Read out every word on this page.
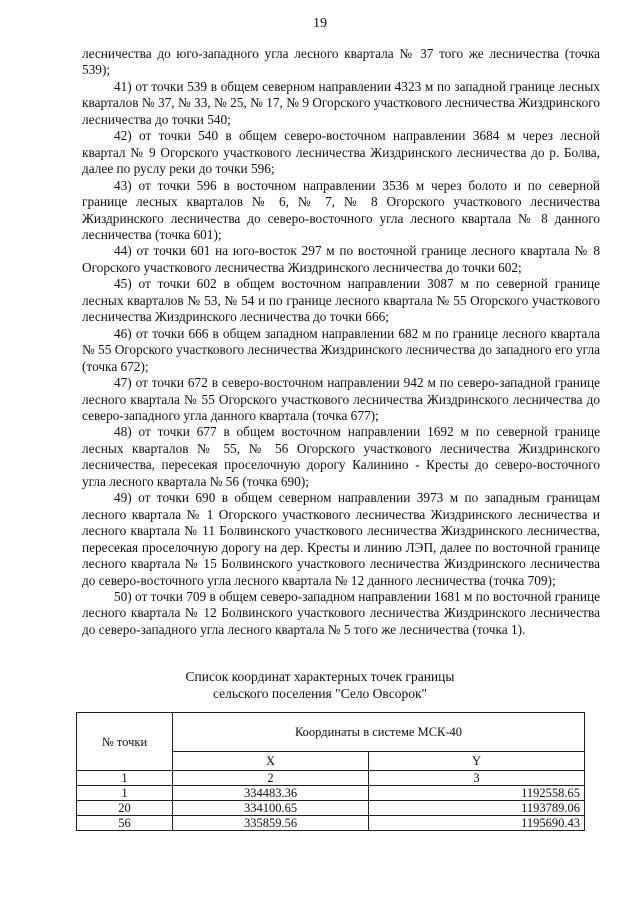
19

лесничества до юго-западного угла лесного квартала № 37 того же лесничества (точка 539);

41) от точки 539 в общем северном направлении 4323 м по западной границе лесных кварталов № 37, № 33, № 25, № 17, № 9 Огорского участкового лесничества Жиздринского лесничества до точки 540;

42) от точки 540 в общем северо-восточном направлении 3684 м через лесной квартал № 9 Огорского участкового лесничества Жиздринского лесничества до р. Болва, далее по руслу реки до точки 596;

43) от точки 596 в восточном направлении 3536 м через болото и по северной границе лесных кварталов № 6, № 7, № 8 Огорского участкового лесничества Жиздринского лесничества до северо-восточного угла лесного квартала № 8 данного лесничества (точка 601);

44) от точки 601 на юго-восток 297 м по восточной границе лесного квартала № 8 Огорского участкового лесничества Жиздринского лесничества до точки 602;

45) от точки 602 в общем восточном направлении 3087 м по северной границе лесных кварталов № 53, № 54 и по границе лесного квартала № 55 Огорского участкового лесничества Жиздринского лесничества до точки 666;

46) от точки 666 в общем западном направлении 682 м по границе лесного квартала № 55 Огорского участкового лесничества Жиздринского лесничества до западного его угла (точка 672);

47) от точки 672 в северо-восточном направлении 942 м по северо-западной границе лесного квартала № 55 Огорского участкового лесничества Жиздринского лесничества до северо-западного угла данного квартала (точка 677);

48) от точки 677 в общем восточном направлении 1692 м по северной границе лесных кварталов № 55, № 56 Огорского участкового лесничества Жиздринского лесничества, пересекая проселочную дорогу Калинино - Кресты до северо-восточного угла лесного квартала № 56 (точка 690);

49) от точки 690 в общем северном направлении 3973 м по западным границам лесного квартала № 1 Огорского участкового лесничества Жиздринского лесничества и лесного квартала № 11 Болвинского участкового лесничества Жиздринского лесничества, пересекая проселочную дорогу на дер. Кресты и линию ЛЭП, далее по восточной границе лесного квартала № 15 Болвинского участкового лесничества Жиздринского лесничества до северо-восточного угла лесного квартала № 12 данного лесничества (точка 709);

50) от точки 709 в общем северо-западном направлении 1681 м по восточной границе лесного квартала № 12 Болвинского участкового лесничества Жиздринского лесничества до северо-западного угла лесного квартала № 5 того же лесничества (точка 1).

Список координат характерных точек границы
сельского поселения "Село Овсорок"
№ точки	Координаты в системе МСК-40	
	X	Y
1	2	3
1	334483.36	1192558.65
20	334100.65	1193789.06
56	335859.56	1195690.43
